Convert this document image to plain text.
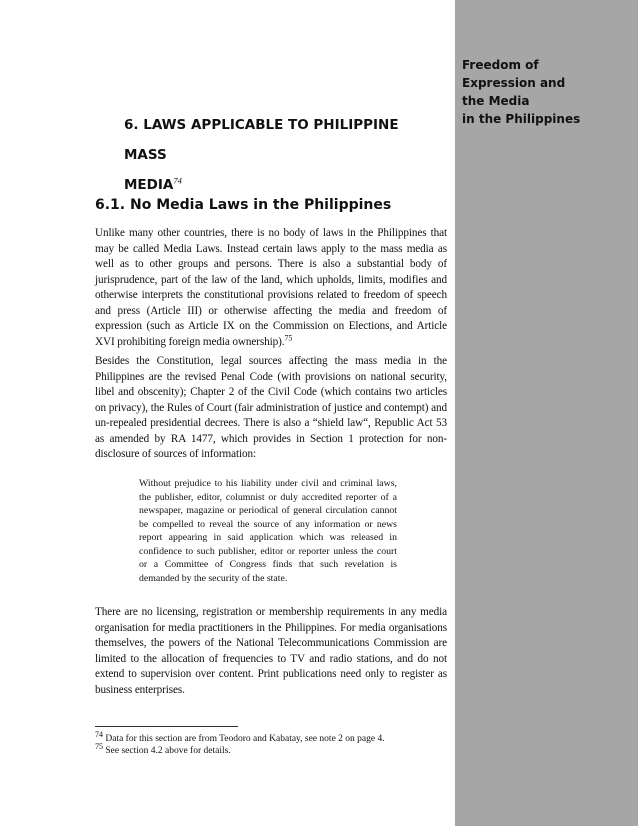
Freedom of
Expression and
the Media
in the Philippines
6. LAWS APPLICABLE TO PHILIPPINE MASS
MEDIA$^{74}$
6.1. No Media Laws in the Philippines
Unlike many other countries, there is no body of laws in the Philippines that may be called Media Laws. Instead certain laws apply to the mass media as well as to other groups and persons. There is also a substantial body of jurisprudence, part of the law of the land, which upholds, limits, modifies and otherwise interprets the constitutional provisions related to freedom of speech and press (Article III) or otherwise affecting the media and freedom of expression (such as Article IX on the Commission on Elections, and Article XVI prohibiting foreign media ownership).$^{75}$
Besides the Constitution, legal sources affecting the mass media in the Philippines are the revised Penal Code (with provisions on national security, libel and obscenity); Chapter 2 of the Civil Code (which contains two articles on privacy), the Rules of Court (fair administration of justice and contempt) and un-repealed presidential decrees. There is also a “shield law“, Republic Act 53 as amended by RA 1477, which provides in Section 1 protection for non-disclosure of sources of information:
Without prejudice to his liability under civil and criminal laws, the publisher, editor, columnist or duly accredited reporter of a newspaper, magazine or periodical of general circulation cannot be compelled to reveal the source of any information or news report appearing in said application which was released in confidence to such publisher, editor or reporter unless the court or a Committee of Congress finds that such revelation is demanded by the security of the state.
There are no licensing, registration or membership requirements in any media organisation for media practitioners in the Philippines. For media organisations themselves, the powers of the National Telecommunications Commission are limited to the allocation of frequencies to TV and radio stations, and do not extend to supervision over content. Print publications need only to register as business enterprises.
$^{74}$ Data for this section are from Teodoro and Kabatay, see note 2 on page 4.
$^{75}$ See section 4.2 above for details.
